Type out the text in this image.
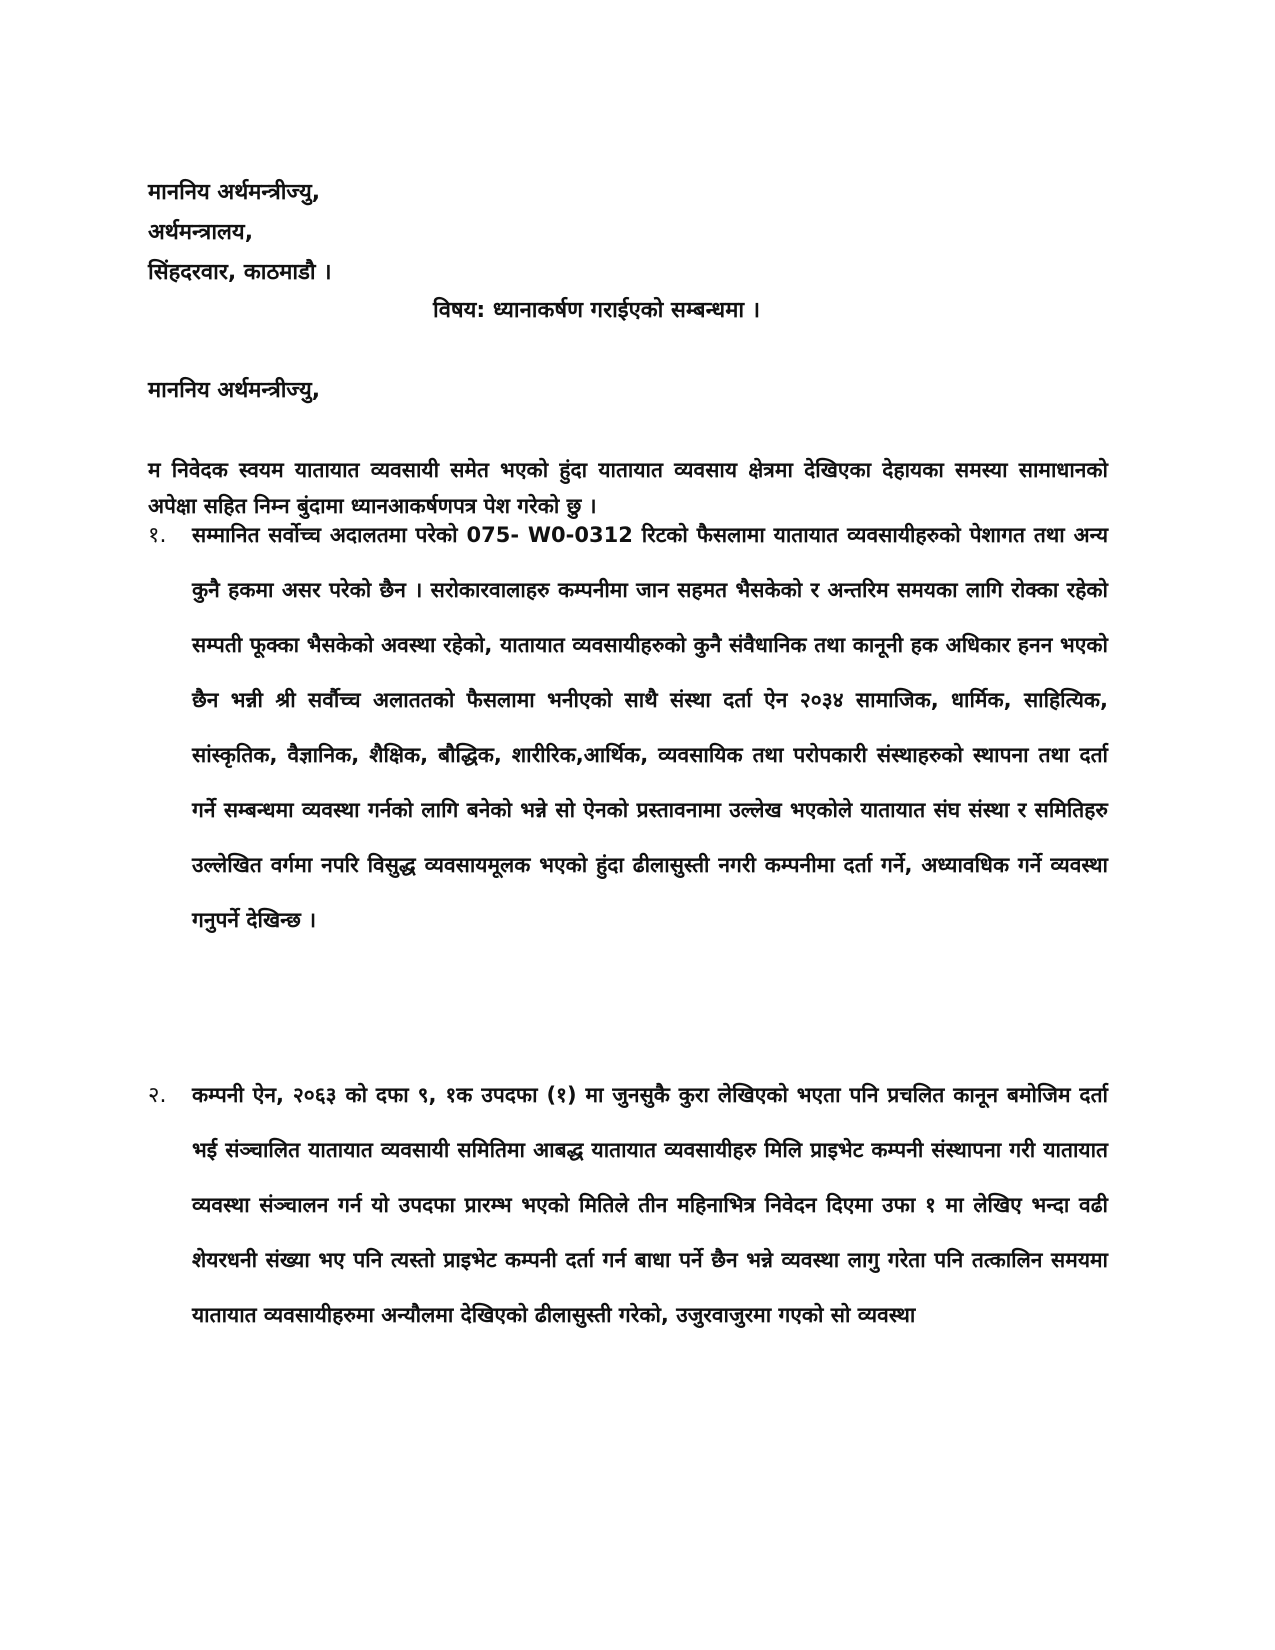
माननिय अर्थमन्त्रीज्यु,
अर्थमन्त्रालय,
सिंहदरवार, काठमाडौ ।
विषय: ध्यानाकर्षण गराईएको सम्बन्धमा ।
माननिय अर्थमन्त्रीज्यु,
म निवेदक स्वयम यातायात व्यवसायी समेत भएको हुंदा यातायात व्यवसाय क्षेत्रमा देखिएका देहायका समस्या सामाधानको अपेक्षा सहित निम्न बुंदामा ध्यानआकर्षणपत्र पेश गरेको छु ।
१. सम्मानित सर्वोच्च अदालतमा परेको 075- W0-0312 रिटको फैसलामा यातायात व्यवसायीहरुको पेशागत तथा अन्य कुनै हकमा असर परेको छैन । सरोकारवालाहरु कम्पनीमा जान सहमत भैसकेको र अन्तरिम समयका लागि रोक्का रहेको सम्पती फूक्का भैसकेको अवस्था रहेको, यातायात व्यवसायीहरुको कुनै संवैधानिक तथा कानूनी हक अधिकार हनन भएको छैन भन्नी श्री सर्वौच्च अलाततको फैसलामा भनीएको साथै संस्था दर्ता ऐन २०३४ सामाजिक, धार्मिक, साहित्यिक, सांस्कृतिक, वैज्ञानिक, शैक्षिक, बौद्धिक, शारीरिक,आर्थिक, व्यवसायिक तथा परोपकारी संस्थाहरुको स्थापना तथा दर्ता गर्ने सम्बन्धमा व्यवस्था गर्नको लागि बनेको भन्ने सो ऐनको प्रस्तावनामा उल्लेख भएकोले यातायात संघ संस्था र समितिहरु उल्लेखित वर्गमा नपरि विसुद्ध व्यवसायमूलक भएको हुंदा ढीलासुस्ती नगरी कम्पनीमा दर्ता गर्ने, अध्यावधिक गर्ने व्यवस्था गनुपर्ने देखिन्छ ।
२. कम्पनी ऐन, २०६३ को दफा ९, १क उपदफा (१) मा जुनसुकै कुरा लेखिएको भएता पनि प्रचलित कानून बमोजिम दर्ता भई संञ्चालित यातायात व्यवसायी समितिमा आबद्ध यातायात व्यवसायीहरु मिलि प्राइभेट कम्पनी संस्थापना गरी यातायात व्यवस्था संञ्चालन गर्न यो उपदफा प्रारम्भ भएको मितिले तीन महिनाभित्र निवेदन दिएमा उफा १ मा लेखिए भन्दा वढी शेयरधनी संख्या भए पनि त्यस्तो प्राइभेट कम्पनी दर्ता गर्न बाधा पर्ने छैन भन्ने व्यवस्था लागु गरेता पनि तत्कालिन समयमा यातायात व्यवसायीहरुमा अन्यौलमा देखिएको ढीलासुस्ती गरेको, उजुरवाजुरमा गएको सो व्यवस्था
